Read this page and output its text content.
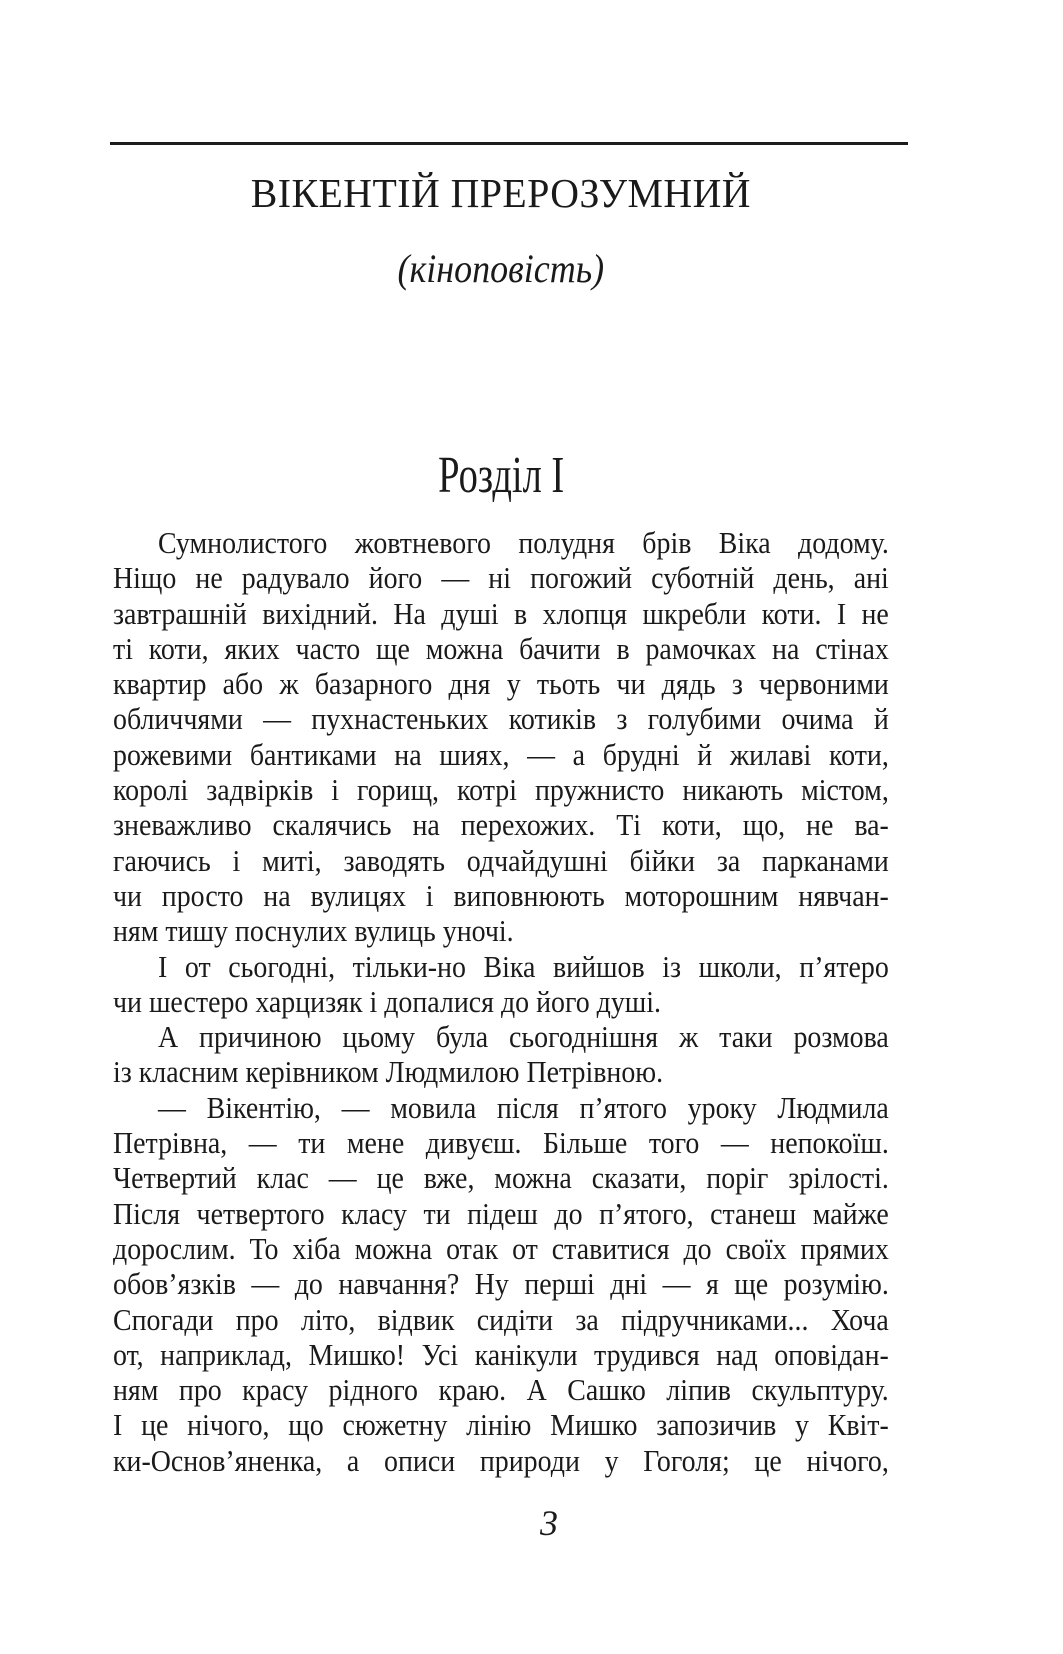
ВІКЕНТІЙ ПРЕРОЗУМНИЙ
(кіноповість)
Розділ I
Сумнолистого жовтневого полудня брів Віка додому.
Ніщо не радувало його — ні погожий суботній день, ані
завтрашній вихідний. На душі в хлопця шкребли коти. І не
ті коти, яких часто ще можна бачити в рамочках на стінах
квартир або ж базарного дня у тьоть чи дядь з червоними
обличчями — пухнастеньких котиків з голубими очима й
рожевими бантиками на шиях, — а брудні й жилаві коти,
королі задвірків і горищ, котрі пружнисто никають містом,
зневажливо скалячись на перехожих. Ті коти, що, не ва-
гаючись і миті, заводять одчайдушні бійки за парканами
чи просто на вулицях і виповнюють моторошним нявчан-
ням тишу поснулих вулиць уночі.
І от сьогодні, тільки-но Віка вийшов із школи, п’ятеро
чи шестеро харцизяк і допалися до його душі.
А причиною цьому була сьогоднішня ж таки розмова
із класним керівником Людмилою Петрівною.
— Вікентію, — мовила після п’ятого уроку Людмила
Петрівна, — ти мене дивуєш. Більше того — непокоїш.
Четвертий клас — це вже, можна сказати, поріг зрілості.
Після четвертого класу ти підеш до п’ятого, станеш майже
дорослим. То хіба можна отак от ставитися до своїх прямих
обов’язків — до навчання? Ну перші дні — я ще розумію.
Спогади про літо, відвик сидіти за підручниками... Хоча
от, наприклад, Мишко! Усі канікули трудився над оповідан-
ням про красу рідного краю. А Сашко ліпив скульптуру.
І це нічого, що сюжетну лінію Мишко запозичив у Квіт-
ки-Основ’яненка, а описи природи у Гоголя; це нічого,
3
